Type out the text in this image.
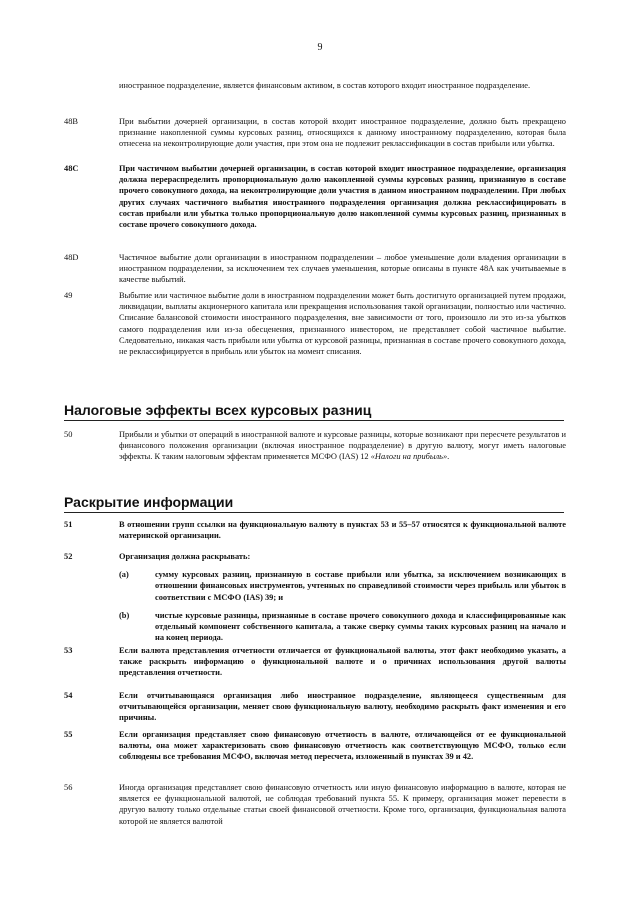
9
иностранное подразделение, является финансовым активом, в состав которого входит иностранное подразделение.
48B	При выбытии дочерней организации, в состав которой входит иностранное подразделение, должно быть прекращено признание накопленной суммы курсовых разниц, относящихся к данному иностранному подразделению, которая была отнесена на неконтролирующие доли участия, при этом она не подлежит реклассификации в состав прибыли или убытка.
48C	При частичном выбытии дочерней организации, в состав которой входит иностранное подразделение, организация должна перераспределить пропорциональную долю накопленной суммы курсовых разниц, признанную в составе прочего совокупного дохода, на неконтролирующие доли участия в данном иностранном подразделении. При любых других случаях частичного выбытия иностранного подразделения организация должна реклассифицировать в состав прибыли или убытка только пропорциональную долю накопленной суммы курсовых разниц, признанных в составе прочего совокупного дохода.
48D	Частичное выбытие доли организации в иностранном подразделении – любое уменьшение доли владения организации в иностранном подразделении, за исключением тех случаев уменьшения, которые описаны в пункте 48А как учитываемые в качестве выбытий.
49	Выбытие или частичное выбытие доли в иностранном подразделении может быть достигнуто организацией путем продажи, ликвидации, выплаты акционерного капитала или прекращения использования такой организации, полностью или частично. Списание балансовой стоимости иностранного подразделения, вне зависимости от того, произошло ли это из-за убытков самого подразделения или из-за обесценения, признанного инвестором, не представляет собой частичное выбытие. Следовательно, никакая часть прибыли или убытка от курсовой разницы, признанная в составе прочего совокупного дохода, не реклассифицируется в прибыль или убыток на момент списания.
Налоговые эффекты всех курсовых разниц
50	Прибыли и убытки от операций в иностранной валюте и курсовые разницы, которые возникают при пересчете результатов и финансового положения организации (включая иностранное подразделение) в другую валюту, могут иметь налоговые эффекты. К таким налоговым эффектам применяется МСФО (IAS) 12 «Налоги на прибыль».
Раскрытие информации
51	В отношении групп ссылки на функциональную валюту в пунктах 53 и 55–57 относятся к функциональной валюте материнской организации.
52	Организация должна раскрывать:
(a)	сумму курсовых разниц, признанную в составе прибыли или убытка, за исключением возникающих в отношении финансовых инструментов, учтенных по справедливой стоимости через прибыль или убыток в соответствии с МСФО (IAS) 39; и
(b)	чистые курсовые разницы, признанные в составе прочего совокупного дохода и классифицированные как отдельный компонент собственного капитала, а также сверку суммы таких курсовых разниц на начало и на конец периода.
53	Если валюта представления отчетности отличается от функциональной валюты, этот факт необходимо указать, а также раскрыть информацию о функциональной валюте и о причинах использования другой валюты представления отчетности.
54	Если отчитывающаяся организация либо иностранное подразделение, являющееся существенным для отчитывающейся организации, меняет свою функциональную валюту, необходимо раскрыть факт изменения и его причины.
55	Если организация представляет свою финансовую отчетность в валюте, отличающейся от ее функциональной валюты, она может характеризовать свою финансовую отчетность как соответствующую МСФО, только если соблюдены все требования МСФО, включая метод пересчета, изложенный в пунктах 39 и 42.
56	Иногда организация представляет свою финансовую отчетность или иную финансовую информацию в валюте, которая не является ее функциональной валютой, не соблюдая требований пункта 55. К примеру, организация может перевести в другую валюту только отдельные статьи своей финансовой отчетности. Кроме того, организация, функциональная валюта которой не является валютой
